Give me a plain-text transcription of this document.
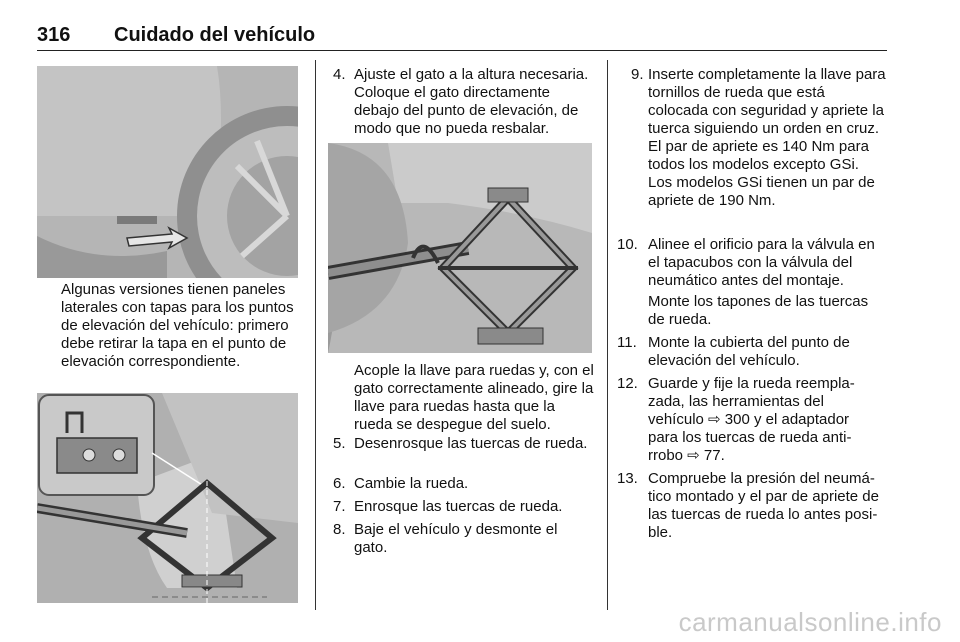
316 Cuidado del vehículo

Algunas versiones tienen paneles laterales con tapas para los puntos de elevación del vehículo: primero debe retirar la tapa en el punto de elevación correspondiente.

4. Ajuste el gato a la altura necesaria. Coloque el gato directamente debajo del punto de elevación, de modo que no pueda resbalar.

Acople la llave para ruedas y, con el gato correctamente alineado, gire la llave para ruedas hasta que la rueda se despegue del suelo.

5. Desenrosque las tuercas de rueda.
6. Cambie la rueda.
7. Enrosque las tuercas de rueda.
8. Baje el vehículo y desmonte el gato.
9. Inserte completamente la llave para tornillos de rueda que está colocada con seguridad y apriete la tuerca siguiendo un orden en cruz. El par de apriete es 140 Nm para todos los modelos excepto GSi. Los modelos GSi tienen un par de apriete de 190 Nm.
10. Alinee el orificio para la válvula en el tapacubos con la válvula del neumático antes del montaje.

Monte los tapones de las tuercas de rueda.

11. Monte la cubierta del punto de elevación del vehículo.
12. Guarde y fije la rueda reemplazada, las herramientas del vehículo ⇨ 300 y el adaptador para los tuercas de rueda antirrobo ⇨ 77.
13. Compruebe la presión del neumático montado y el par de apriete de las tuercas de rueda lo antes posible.
carmanualsonline.info
